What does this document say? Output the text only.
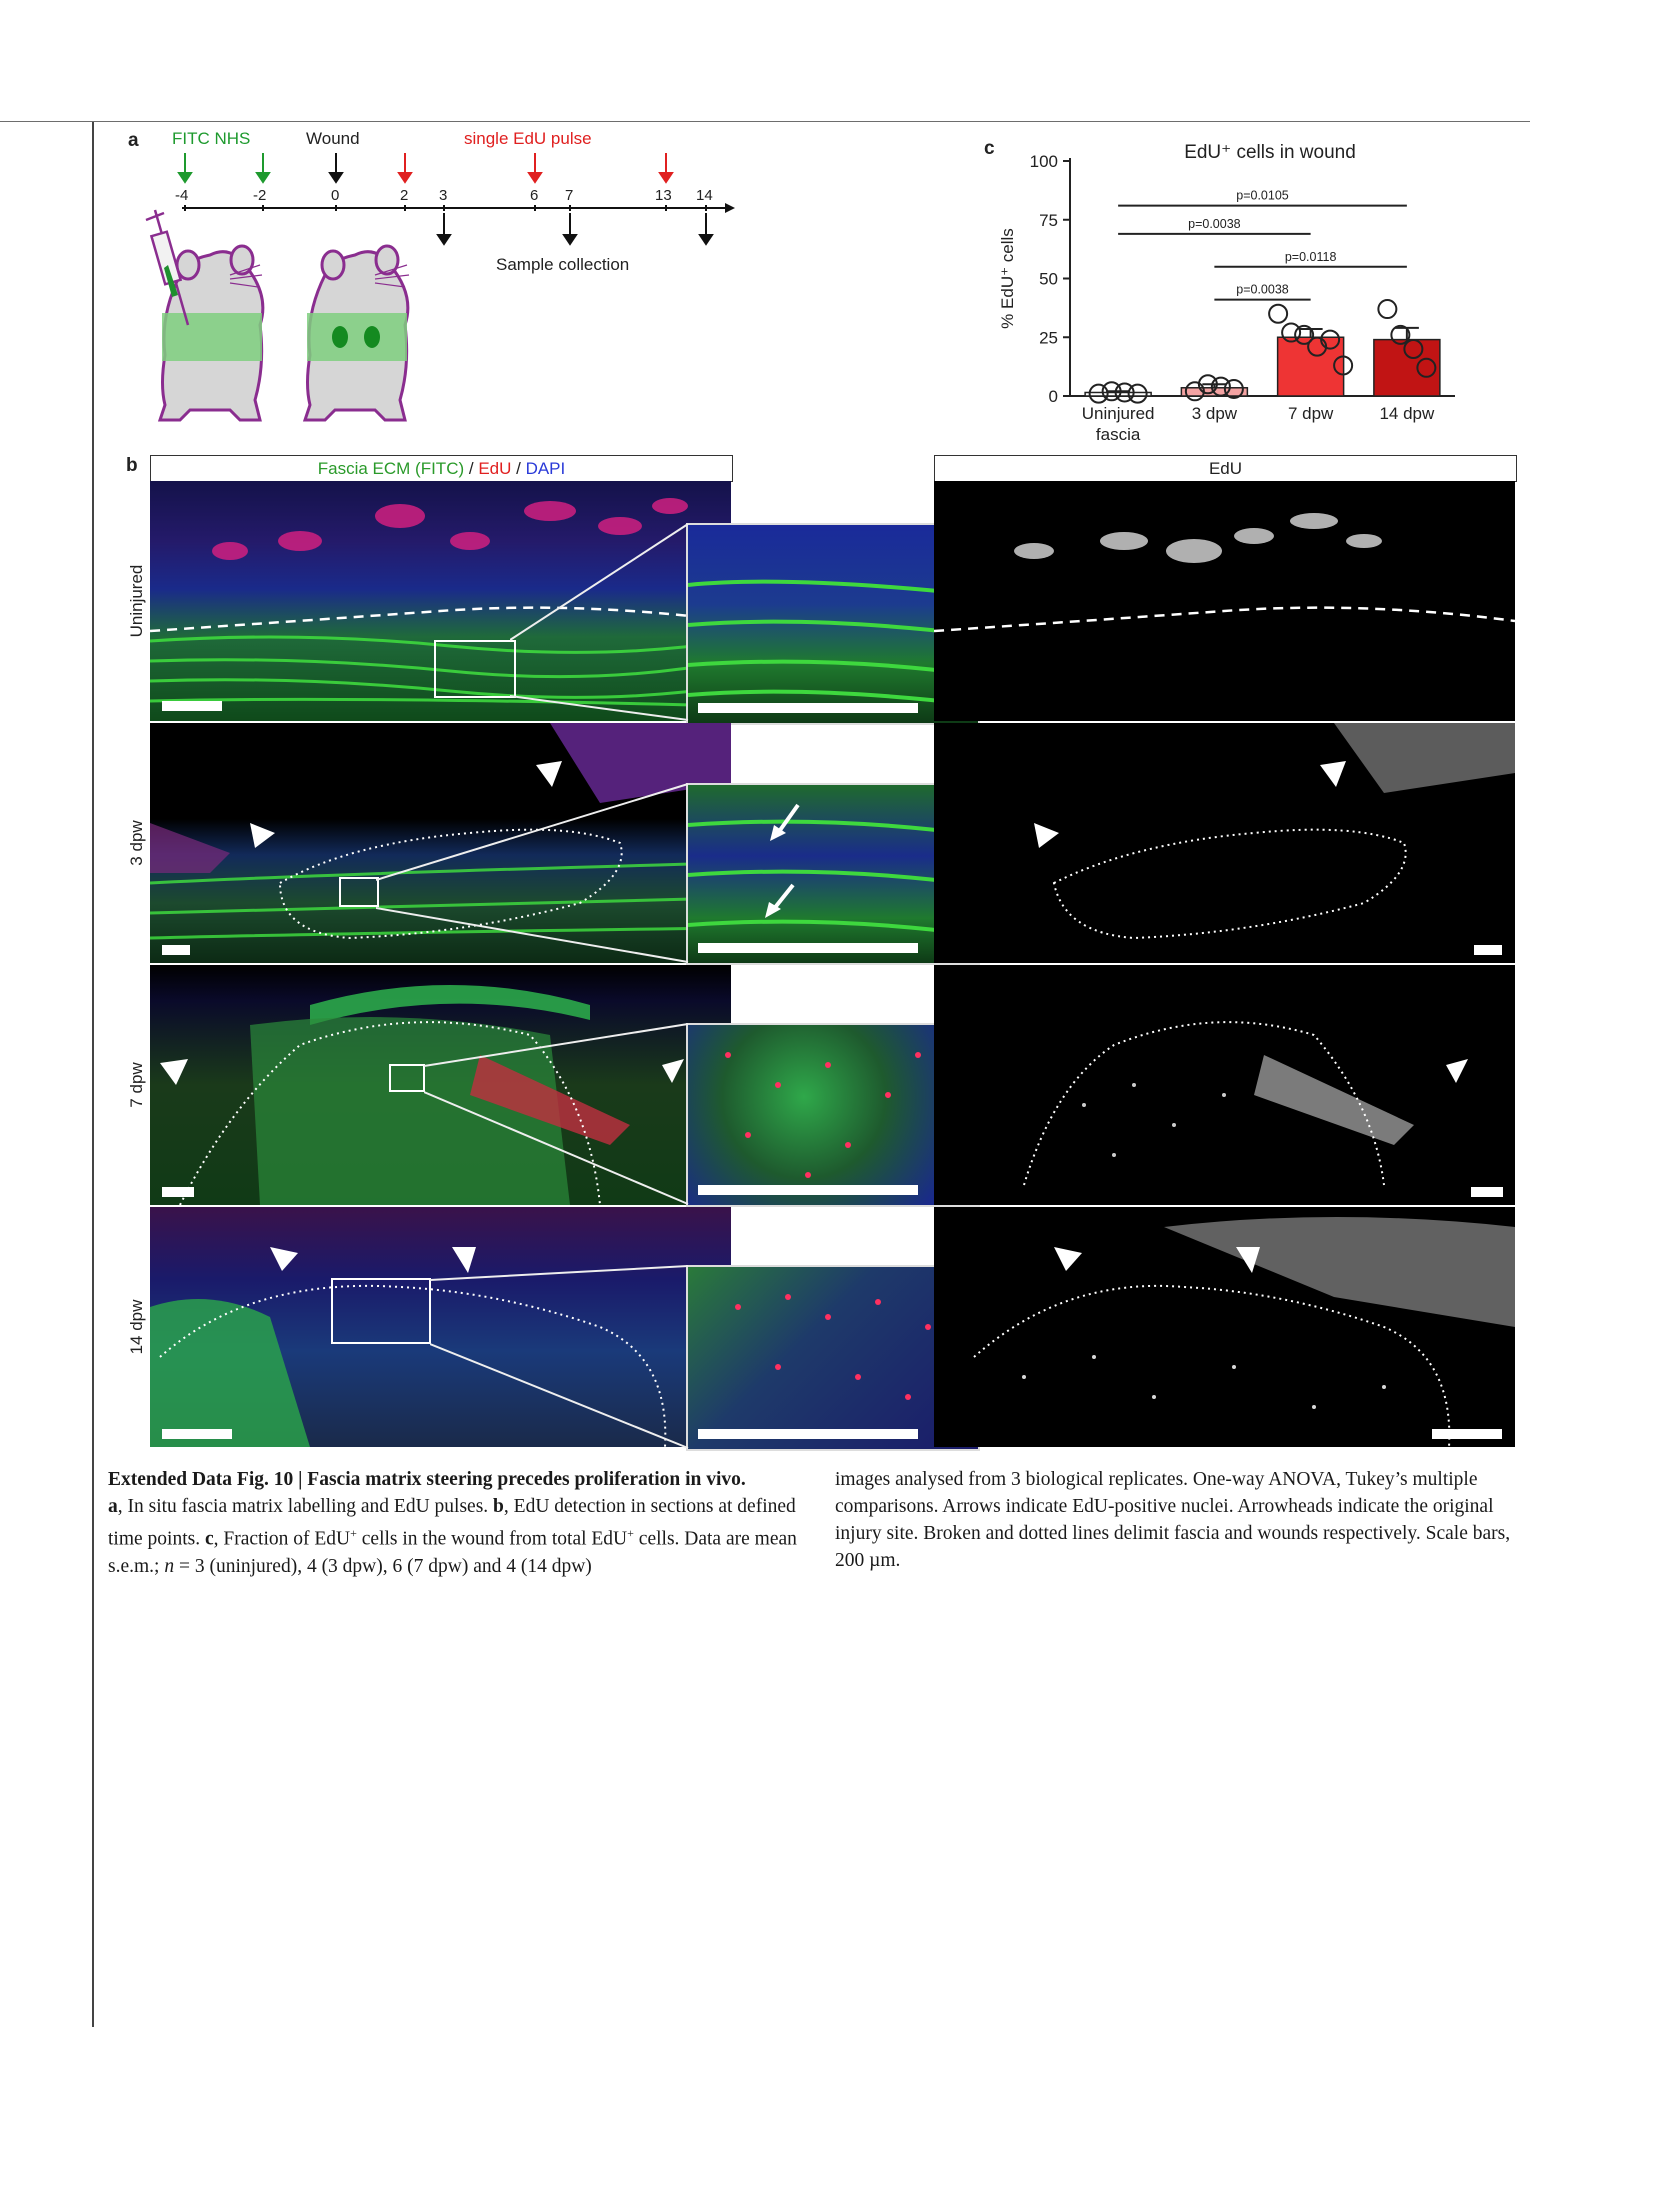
a FITC NHS	Wound	single EdU pulse
-4	-2	0	2 3	6 7	13 14
Sample collection
c	EdU⁺ cells in wound
0
25
50
75
100
% EdU⁺ cells
Uninjured
fascia
3 dpw	7 dpw	14 dpw
p=0.0105
p=0.0038
p=0.0118
p=0.0038
b	Fascia ECM (FITC) / EdU / DAPI	EdU
Uninjured
3 dpw
7 dpw
14 dpw
Extended Data Fig. 10 | Fascia matrix steering precedes proliferation in vivo.
a, In situ fascia matrix labelling and EdU pulses. b, EdU detection in sections at defined time points. c, Fraction of EdU+ cells in the wound from total EdU+ cells. Data are mean s.e.m.; n = 3 (uninjured), 4 (3 dpw), 6 (7 dpw) and 4 (14 dpw)
images analysed from 3 biological replicates. One-way ANOVA, Tukey’s multiple comparisons. Arrows indicate EdU-positive nuclei. Arrowheads indicate the original injury site. Broken and dotted lines delimit fascia and wounds respectively. Scale bars, 200 µm.
